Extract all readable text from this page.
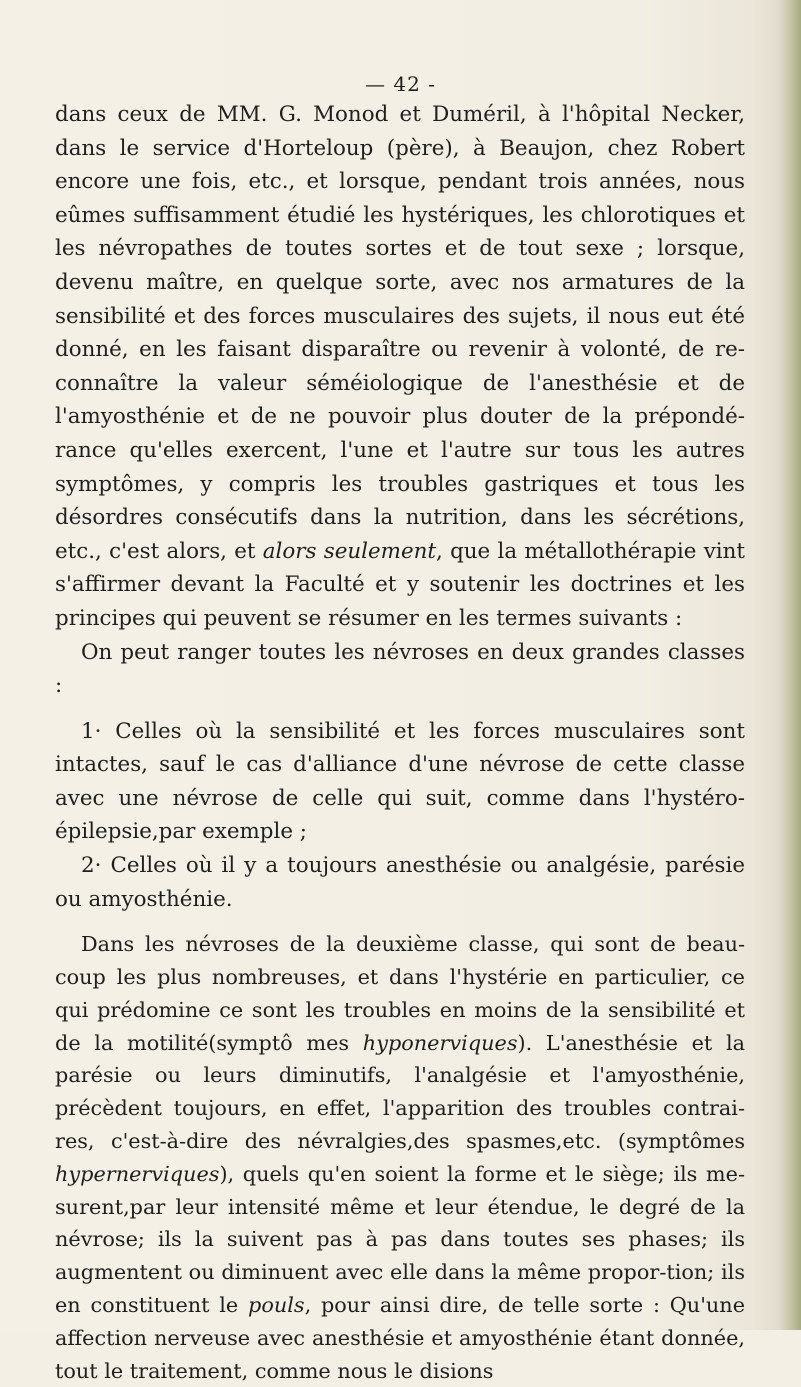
— 42 -

dans ceux de MM. G. Monod et Duméril, à l'hôpital Necker, dans le service d'Horteloup (père), à Beaujon, chez Robert encore une fois, etc., et lorsque, pendant trois années, nous eûmes suffisamment étudié les hystériques, les chlorotiques et les névropathes de toutes sortes et de tout sexe ; lorsque, devenu maître, en quelque sorte, avec nos armatures de la sensibilité et des forces musculaires des sujets, il nous eut été donné, en les faisant disparaître ou revenir à volonté, de re-connaître la valeur séméiologique de l'anesthésie et de l'amyosthénie et de ne pouvoir plus douter de la prépondé-rance qu'elles exercent, l'une et l'autre sur tous les autres symptômes, y compris les troubles gastriques et tous les désordres consécutifs dans la nutrition, dans les sécrétions, etc., c'est alors, et alors seulement, que la métallothérapie vint s'affirmer devant la Faculté et y soutenir les doctrines et les principes qui peuvent se résumer en les termes suivants :

On peut ranger toutes les névroses en deux grandes classes :

1· Celles où la sensibilité et les forces musculaires sont intactes, sauf le cas d'alliance d'une névrose de cette classe avec une névrose de celle qui suit, comme dans l'hystéro-épilepsie,par exemple ;

2· Celles où il y a toujours anesthésie ou analgésie, parésie ou amyosthénie.

Dans les névroses de la deuxième classe, qui sont de beau-coup les plus nombreuses, et dans l'hystérie en particulier, ce qui prédomine ce sont les troubles en moins de la sensibilité et de la motilité(symptô mes hyponerviques). L'anesthésie et la parésie ou leurs diminutifs, l'analgésie et l'amyosthénie, précèdent toujours, en effet, l'apparition des troubles contrai-res, c'est-à-dire des névralgies,des spasmes,etc. (symptômes hypernerviques), quels qu'en soient la forme et le siège; ils me-surent,par leur intensité même et leur étendue, le degré de la névrose; ils la suivent pas à pas dans toutes ses phases; ils augmentent ou diminuent avec elle dans la même propor-tion; ils en constituent le pouls, pour ainsi dire, de telle sorte : Qu'une affection nerveuse avec anesthésie et amyosthénie étant donnée, tout le traitement, comme nous le disions
